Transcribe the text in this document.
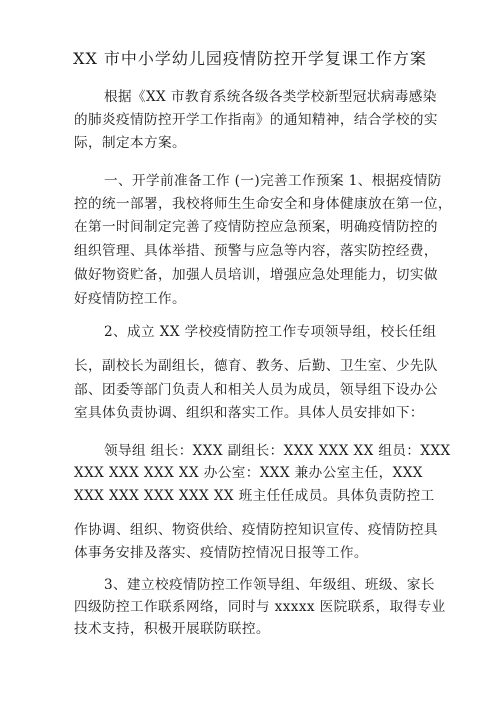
XX 市中小学幼儿园疫情防控开学复课工作方案
根据《XX 市教育系统各级各类学校新型冠状病毒感染
的肺炎疫情防控开学工作指南》的通知精神，结合学校的实
际，制定本方案。
一、开学前准备工作 (一)完善工作预案 1、根据疫情防
控的统一部署，我校将师生生命安全和身体健康放在第一位，
在第一时间制定完善了疫情防控应急预案，明确疫情防控的
组织管理、具体举措、预警与应急等内容，落实防控经费，
做好物资贮备，加强人员培训，增强应急处理能力，切实做
好疫情防控工作。
2、成立 XX 学校疫情防控工作专项领导组，校长任组
长，副校长为副组长，德育、教务、后勤、卫生室、少先队
部、团委等部门负责人和相关人员为成员，领导组下设办公
室具体负责协调、组织和落实工作。具体人员安排如下：
领导组 组长：XXX 副组长：XXX XXX XX 组员：XXX
XXX XXX XXX XX 办公室：XXX 兼办公室主任，XXX
XXX XXX XXX XXX XX 班主任任成员。具体负责防控工
作协调、组织、物资供给、疫情防控知识宣传、疫情防控具
体事务安排及落实、疫情防控情况日报等工作。
3、建立校疫情防控工作领导组、年级组、班级、家长
四级防控工作联系网络，同时与 xxxxx 医院联系，取得专业
技术支持，积极开展联防联控。
